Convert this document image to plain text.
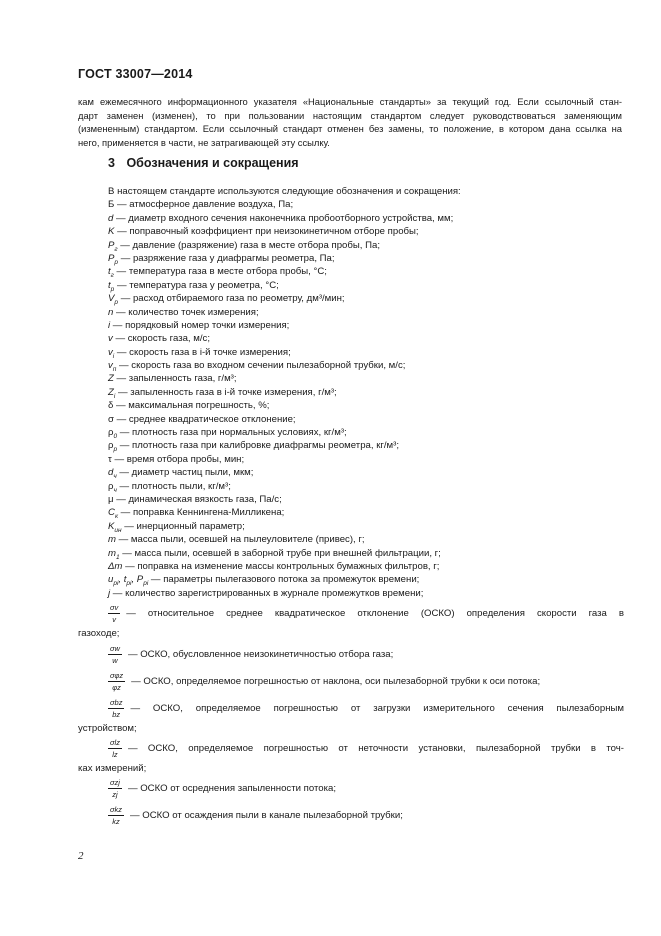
ГОСТ 33007—2014

кам ежемесячного информационного указателя «Национальные стандарты» за текущий год. Если ссылочный стан-

дарт заменен (изменен), то при пользовании настоящим стандартом следует руководствоваться заменяющим

(измененным) стандартом. Если ссылочный стандарт отменен без замены, то положение, в котором дана ссылка на

него, применяется в части, не затрагивающей эту ссылку.

3 Обозначения и сокращения
В настоящем стандарте используются следующие обозначения и сокращения:
Б — атмосферное давление воздуха, Па;
d — диаметр входного сечения наконечника пробоотборного устройства, мм;
K — поправочный коэффициент при неизокинетичном отборе пробы;
$P_г$ — давление (разряжение) газа в месте отбора пробы, Па;
$P_р$ — разряжение газа у диафрагмы реометра, Па;
$t_г$ — температура газа в месте отбора пробы, °С;
$t_р$ — температура газа у реометра, °С;
$V_р$ — расход отбираемого газа по реометру, дм³/мин;
n — количество точек измерения;
i — порядковый номер точки измерения;
v — скорость газа, м/с;
$v_i$ — скорость газа в i-й точке измерения;
$v_п$ — скорость газа во входном сечении пылезаборной трубки, м/с;
Z — запыленность газа, г/м³;
$Z_i$ — запыленность газа в i-й точке измерения, г/м³;
δ — максимальная погрешность, %;
σ — среднее квадратическое отклонение;
$\rho_0$ — плотность газа при нормальных условиях, кг/м³;
$\rho_р$ — плотность газа при калибровке диафрагмы реометра, кг/м³;
τ — время отбора пробы, мин;
$d_ч$ — диаметр частиц пыли, мкм;
$\rho_ч$ — плотность пыли, кг/м³;
μ — динамическая вязкость газа, Па/с;
$C_к$ — поправка Кеннингена-Милликена;
$K_{ин}$ — инерционный параметр;
m — масса пыли, осевшей на пылеуловителе (привес), г;
$m_1$ — масса пыли, осевшей в заборной трубе при внешней фильтрации, г;
Δm — поправка на изменение массы контрольных бумажных фильтров, г;
$u_{pi}$, $t_{pi}$, $P_{pi}$ — параметры пылегазового потока за промежуток времени;
j — количество зарегистрированных в журнале промежутков времени;
$\frac{\sigma v}{v}$ — относительное среднее квадратическое отклонение (ОСКО) определения скорости газа в
газоходе;
$\frac{\sigma w}{w}$ — ОСКО, обусловленное неизокинетичностью отбора газа;
$\frac{\text{σφz}}{\varphi z}$ — ОСКО, определяемое погрешностью от наклона, оси пылезаборной трубки к оси потока;
$\frac{\text{σbz}}{bz}$ — ОСКО, определяемое погрешностью от загрузки измерительного сечения пылезаборным
устройством;
$\frac{\text{σlz}}{lz}$ — ОСКО, определяемое погрешностью от неточности установки, пылезаборной трубки в точ-
ках измерений;
$\frac{\text{σzj}}{zj}$ — ОСКО от осреднения запыленности потока;
$\frac{\text{σkz}}{kz}$ — ОСКО от осаждения пыли в канале пылезаборной трубки;
2
